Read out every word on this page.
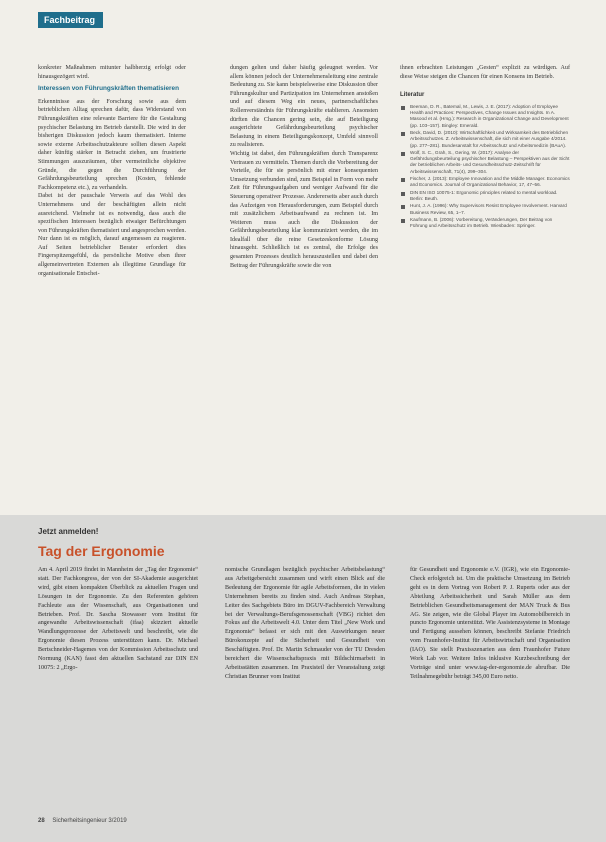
Fachbeitrag

konkreter Maßnahmen mitunter halbherzig erfolgt oder hinausgezögert wird.

Interessen von Führungskräften thematisieren

Erkenntnisse aus der Forschung sowie aus dem betrieblichen Alltag sprechen dafür, dass Widerstand von Führungskräften eine relevante Barriere für die Gestaltung psychischer Belastung im Betrieb darstellt. Die wird in der bisherigen Diskussion jedoch kaum thematisiert. Interne sowie externe Arbeitsschutzakteure sollten diesen Aspekt daher künftig stärker in Betracht ziehen, um frustrierte Stimmungen auszuräumen, über vermeintliche objektive Gründe, die gegen die Durchführung der Gefährdungsbeurteilung sprechen (Kosten, fehlende Fachkompetenz etc.), zu verhandeln.

Dabei ist der pauschale Verweis auf das Wohl des Unternehmens und der beschäftigten allein nicht ausreichend. Vielmehr ist es notwendig, dass auch die spezifischen Interessen bezüglich etwaiger Befürchtungen von Führungskräften thematisiert und angesprochen werden. Nur dann ist es möglich, darauf angemessen zu reagieren. Auf Seiten betrieblicher Berater erfordert dies Fingerspitzengefühl, da persönliche Motive eben ihrer allgemeinvertreten Externen als illegitime Grundlage für organisationale Entschei-

dungen gelten und daher häufig geleugnet werden. Vor allem können jedoch der Unternehmensleitung eine zentrale Bedeutung zu. Sie kann beispielsweise eine Diskussion über Führungskultur und Partizipation im Unternehmen anstoßen und auf diesem Weg ein neues, partnerschaftliches Rollenverständnis für Führungskräfte etablieren. Ansonsten dürften die Chancen gering sein, die auf Beteiligung ausgerichtete Gefährdungsbeurteilung psychischer Belastung in einem Beteiligungskonzept, Umfeld sinnvoll zu realisieren.

Wichtig ist dabei, den Führungskräften durch Transparenz Vertrauen zu vermitteln. Themen durch die Vorbereitung der Vorteile, die für sie persönlich mit einer konsequenten Umsetzung verbunden sind, zum Beispiel in Form von mehr Zeit für Führungsaufgaben und weniger Aufwand für die Steuerung operativer Prozesse. Andererseits aber auch durch das Aufzeigen von Herausforderungen, zum Beispiel durch mit zusätzlichem Arbeitsaufwand zu rechnen ist. Im Weiteren muss auch die Diskussion der Gefährdungsbeurteilung klar kommuniziert werden, die im Idealfall über die reine Gesetzeskonforme Lösung hinausgeht. Schließlich ist es zentral, die Erfolge des gesamten Prozesses deutlich herauszustellen und dabei den Beitrag der Führungskräfte sowie die von

ihnen erbrachten Leistungen „Gesten“ explizit zu würdigen. Auf diese Weise steigen die Chancen für einen Konsens im Betrieb.

Literatur
Beeman, D. R., Batemal, M., Lewis, J. E. (2017): Adoption of Employee Health and Practices: Perspectives, Change Issues and Insights. In A. Masood et al. (Hrsg.): Research in Organizational Change and Development (pp. 103–157). Bingley: Emerald.
Beck, David, D. (2010): Wirtschaftlichkeit und Wirksamkeit des Betrieblichen Arbeitsschutzes. Z. Arbeitswissenschaft, die sich mit einer Ausgabe 4/2014. (pp. 277–281). Bundesanstalt für Arbeitsschutz und Arbeitsmedizin (BAuA).
Wolf, S. C., Grah, S., Gering, W. (2017): Analyse der Gefährdungsbeurteilung psychischer Belastung – Perspektiven aus der Sicht der betrieblichen Arbeits- und Gesundheitsschutz-Zeitschrift für Arbeitswissenschaft, 71(4), 299–304.
Fischer, J. (2013): Employee Innovation and the Middle Manager. Economics and Economics. Journal of Organizational Behavior, 17, 47–56.
DIN EN ISO 10075-1: Ergonomic principles related to mental workload. Berlin: Beuth.
Hunt, J. A. (1996): Why Supervisors Resist Employee Involvement. Harvard Business Review, 65, 1–7.
Kaufmann, B. (2006): Vorbereitung, Veränderungen, Der Beitrag von Führung und Arbeitsschutz im Betrieb. Wiesbaden: Springer.
Jetzt anmelden!
Tag der Ergonomie

Am 4. April 2019 findet in Mannheim der „Tag der Ergonomie“ statt. Der Fachkongress, der von der SI-Akademie ausgerichtet wird, gibt einen kompakten Überblick zu aktuellen Fragen und Lösungen in der Ergonomie. Zu den Referenten gehören Fachleute aus der Wissenschaft, aus Organisationen und Betrieben. Prof. Dr. Sascha Stowasser vom Institut für angewandte Arbeitswissenschaft (ifaa) skizziert aktuelle Wandlungsprozesse der Arbeitswelt und beschreibt, wie die Ergonomie diesen Prozess unterstützen kann. Dr. Michael Bertschneider-Hagemes von der Kommission Arbeitsschutz und Normung (KAN) fasst den aktuellen Sachstand zur DIN EN 10075: 2 „Ergo-

nomische Grundlagen bezüglich psychischer Arbeitsbelastung“ aus Arbeitgebersicht zusammen und wirft einen Blick auf die Bedeutung der Ergonomie für agile Arbeitsformen, die in vielen Unternehmen bereits zu finden sind. Auch Andreas Stephan, Leiter des Sachgebiets Büro im DGUV-Fachbereich Verwaltung bei der Verwaltungs-Berufsgenossenschaft (VBG) richtet den Fokus auf die Arbeitswelt 4.0. Unter dem Titel „New Work und Ergonomie“ befasst er sich mit den Auswirkungen neuer Bürokonzepte auf die Sicherheit und Gesundheit von Beschäftigten. Prof. Dr. Martin Schmauder von der TU Dresden bereichert die Wissenschaftspraxis mit Bildschirmarbeit in Arbeitsstätten zusammen. Im Praxisteil der Veranstaltung zeigt Christian Brunner vom Institut

für Gesundheit und Ergonomie e.V. (IGR), wie ein Ergonomie-Check erfolgreich ist. Um die praktische Umsetzung im Betrieb geht es in dem Vortrag von Robert P. J. Ruperts oder aus der Abteilung Arbeitssicherheit und Sarah Müller aus dem Betrieblichen Gesundheitsmanagement der MAN Truck & Bus AG. Sie zeigen, wie die Global Player im Automobilbereich in puncto Ergonomie unterstützt. Wie Assistenzsysteme in Montage und Fertigung aussehen können, beschreibt Stefanie Friedrich vom Fraunhofer-Institut für Arbeitswirtschaft und Organisation (IAO). Sie stellt Praxisszenarien aus dem Fraunhofer Future Work Lab vor. Weitere Infos inklusive Kurzbeschreibung der Vorträge sind unter www.tag-der-ergonomie.de abrufbar. Die Teilnahmegebühr beträgt 345,00 Euro netto.

28 Sicherheitsingenieur 3/2019
